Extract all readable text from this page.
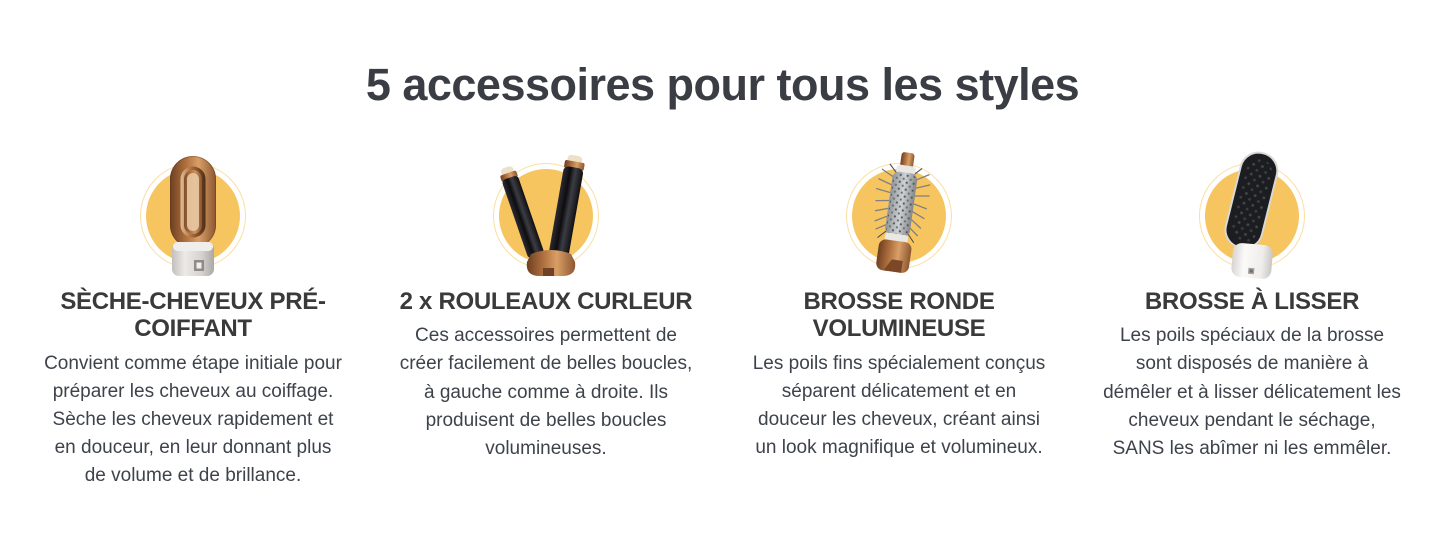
5 accessoires pour tous les styles
SÈCHE-CHEVEUX PRÉ-COIFFANT

Convient comme étape initiale pour préparer les cheveux au coiffage. Sèche les cheveux rapidement et en douceur, en leur donnant plus de volume et de brillance.

2 x ROULEAUX CURLEUR

Ces accessoires permettent de créer facilement de belles boucles, à gauche comme à droite. Ils produisent de belles boucles volumineuses.

BROSSE RONDE VOLUMINEUSE

Les poils fins spécialement conçus séparent délicatement et en douceur les cheveux, créant ainsi un look magnifique et volumineux.

BROSSE À LISSER

Les poils spéciaux de la brosse sont disposés de manière à démêler et à lisser délicatement les cheveux pendant le séchage, SANS les abîmer ni les emmêler.
